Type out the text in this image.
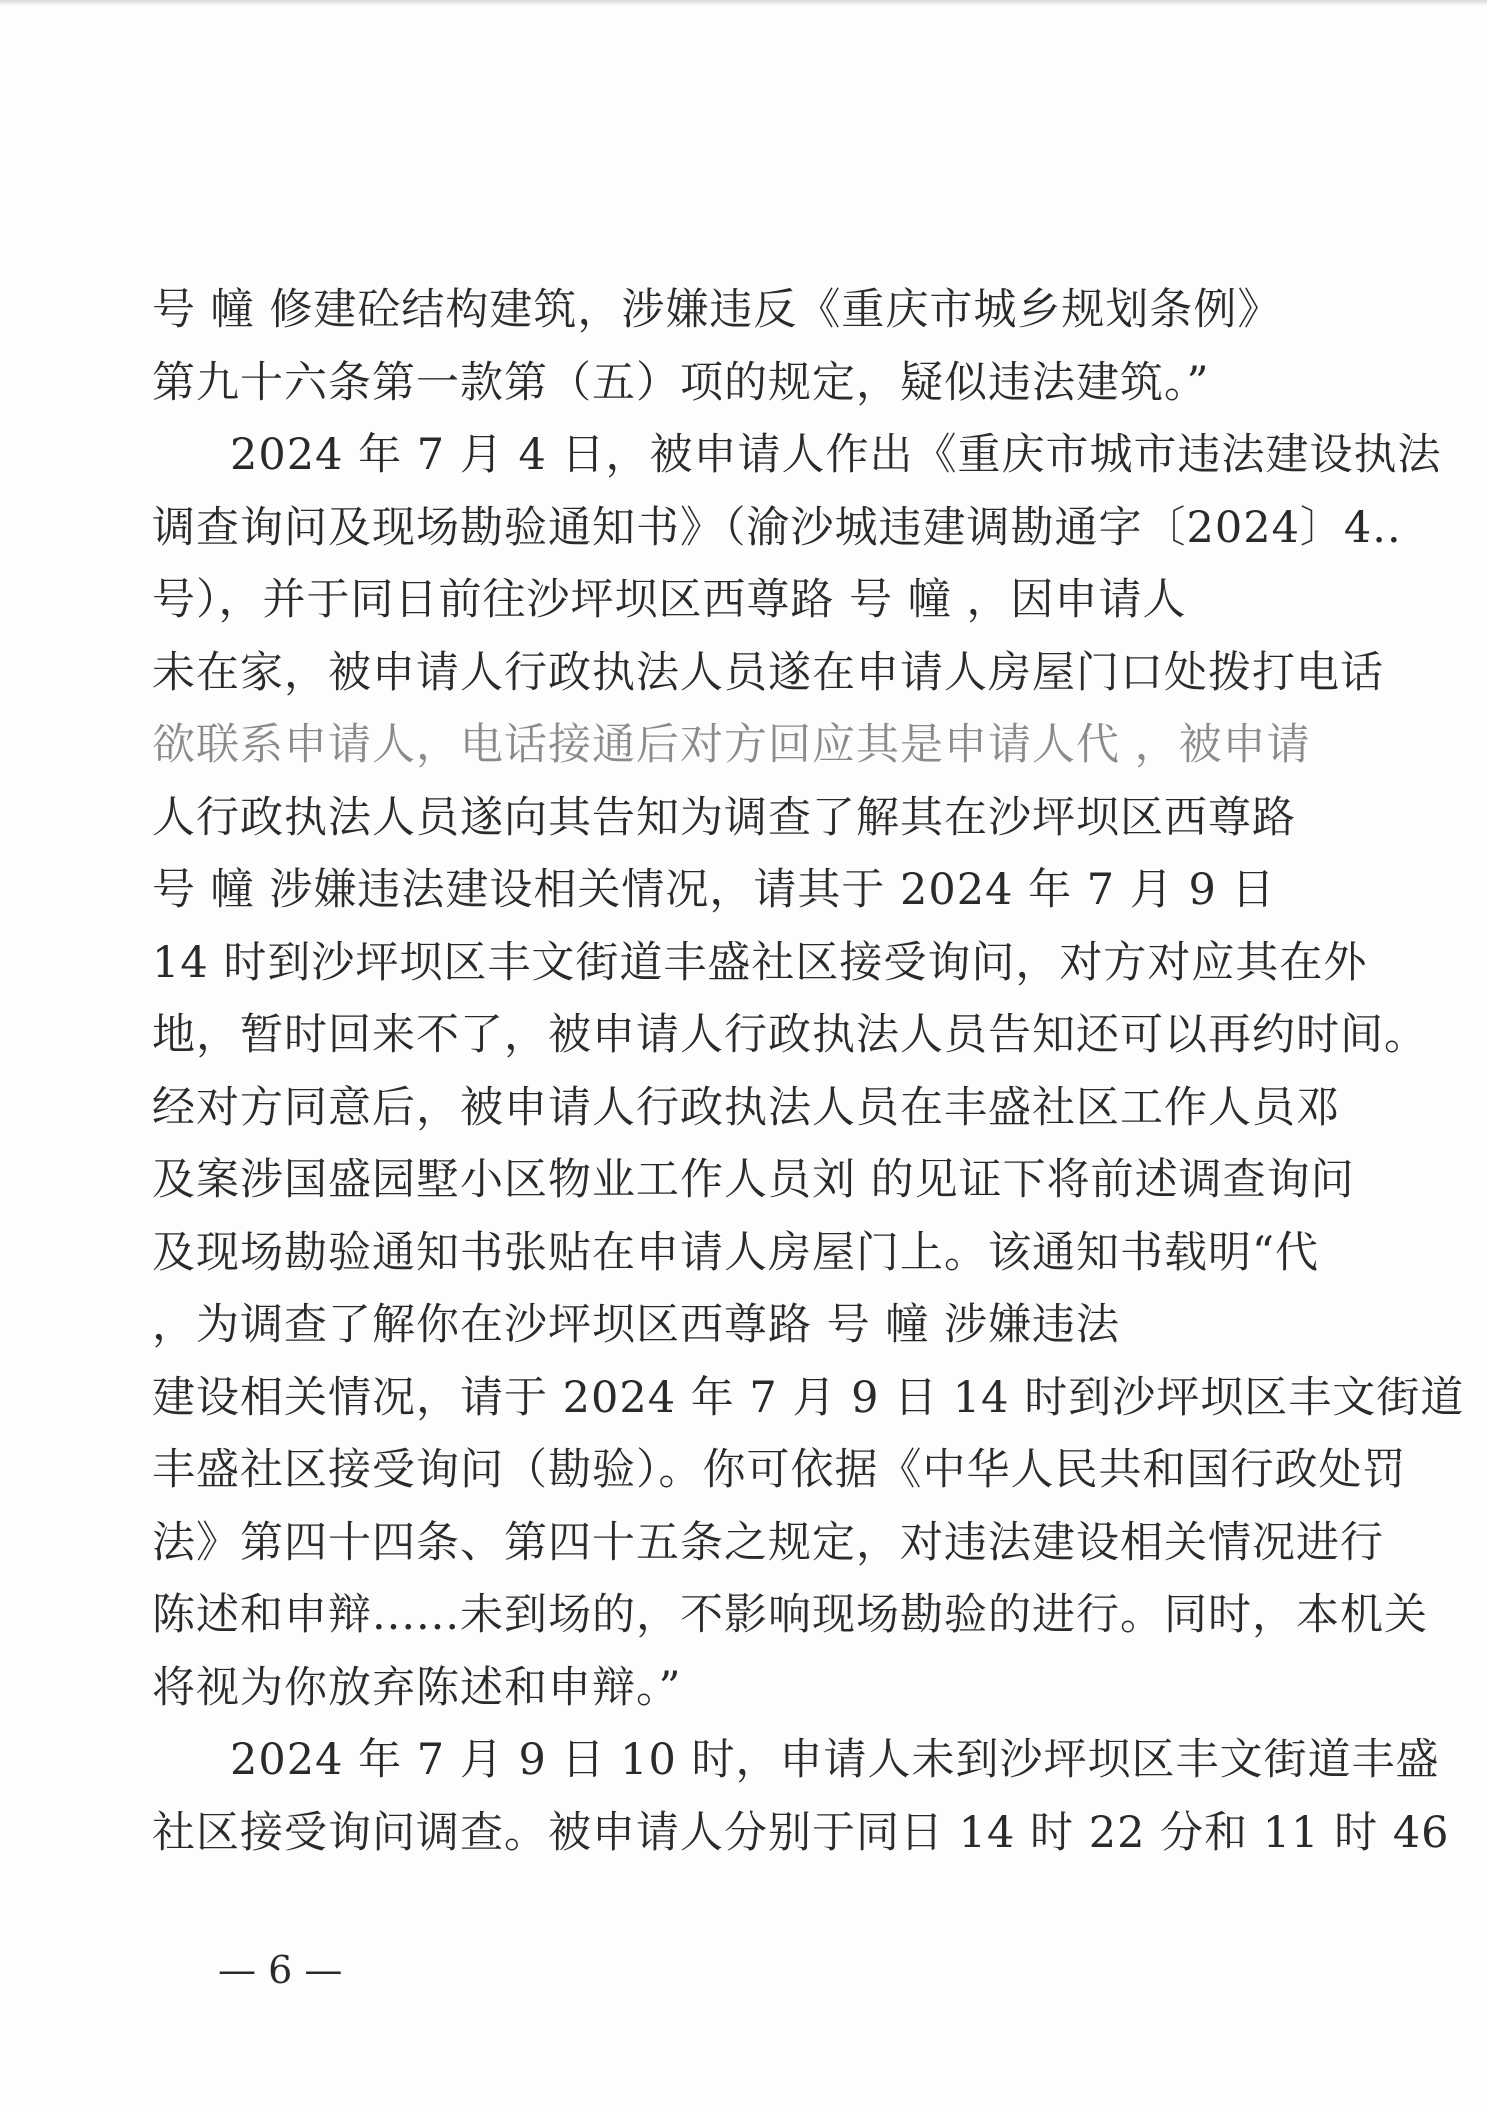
号 幢 修建砼结构建筑，涉嫌违反《重庆市城乡规划条例》
第九十六条第一款第（五）项的规定，疑似违法建筑。”
2024 年 7 月 4 日，被申请人作出《重庆市城市违法建设执法
调查询问及现场勘验通知书》（渝沙城违建调勘通字〔2024〕4..
号），并于同日前往沙坪坝区西尊路 号 幢 ，因申请人
未在家，被申请人行政执法人员遂在申请人房屋门口处拨打电话
欲联系申请人，电话接通后对方回应其是申请人代 ，被申请
人行政执法人员遂向其告知为调查了解其在沙坪坝区西尊路
号 幢 涉嫌违法建设相关情况，请其于 2024 年 7 月 9 日
14 时到沙坪坝区丰文街道丰盛社区接受询问，对方对应其在外
地，暂时回来不了，被申请人行政执法人员告知还可以再约时间。
经对方同意后，被申请人行政执法人员在丰盛社区工作人员邓
及案涉国盛园墅小区物业工作人员刘 的见证下将前述调查询问
及现场勘验通知书张贴在申请人房屋门上。该通知书载明“代
，为调查了解你在沙坪坝区西尊路 号 幢 涉嫌违法
建设相关情况，请于 2024 年 7 月 9 日 14 时到沙坪坝区丰文街道
丰盛社区接受询问（勘验）。你可依据《中华人民共和国行政处罚
法》第四十四条、第四十五条之规定，对违法建设相关情况进行
陈述和申辩......未到场的，不影响现场勘验的进行。同时，本机关
将视为你放弃陈述和申辩。”
2024 年 7 月 9 日 10 时，申请人未到沙坪坝区丰文街道丰盛
社区接受询问调查。被申请人分别于同日 14 时 22 分和 11 时 46
— 6 —
